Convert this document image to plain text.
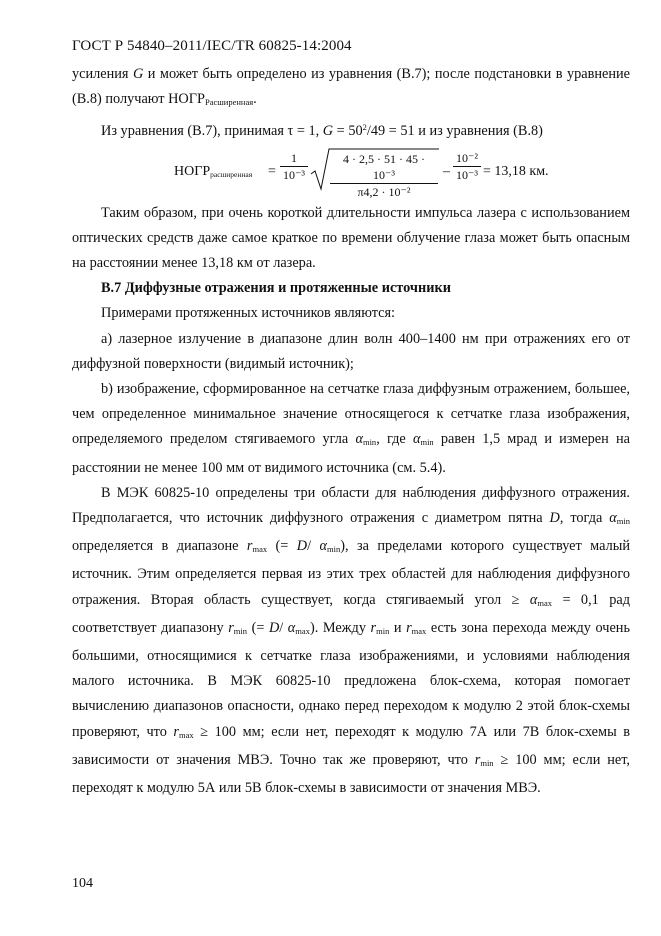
ГОСТ Р 54840–2011/IEC/TR 60825-14:2004

усиления G и может быть определено из уравнения (В.7); после подстановки в уравнение (В.8) получают $НОГР_{Расширенная}$.

Из уравнения (В.7), принимая τ = 1, $G = 50^2/49 = 51$ и из уравнения (В.8)

$НОГР_{расширенная} = \frac{1}{\text{10⁻³}} \frac{\text{4 · 2,5 · 51 · 45 · 10⁻³}}{\text{π4,2 · 10⁻²}} - \frac{\text{10⁻²}}{\text{10⁻³}} = 13,18$ км.

Таким образом, при очень короткой длительности импульса лазера с использованием оптических средств даже самое краткое по времени облучение глаза может быть опасным на расстоянии менее 13,18 км от лазера.

В.7 Диффузные отражения и протяженные источники

Примерами протяженных источников являются:

а) лазерное излучение в диапазоне длин волн 400–1400 нм при отражениях его от диффузной поверхности (видимый источник);

b) изображение, сформированное на сетчатке глаза диффузным отражением, большее, чем определенное минимальное значение относящегося к сетчатке глаза изображения, определяемого пределом стягиваемого угла $\alpha_{min}$, где $\alpha_{min}$ равен 1,5 мрад и измерен на расстоянии не менее 100 мм от видимого источника (см. 5.4).

В МЭК 60825-10 определены три области для наблюдения диффузного отражения. Предполагается, что источник диффузного отражения с диаметром пятна D, тогда $\alpha_{min}$ определяется в диапазоне $r_{max}$ (= D/ $\alpha_{min}$), за пределами которого существует малый источник. Этим определяется первая из этих трех областей для наблюдения диффузного отражения. Вторая область существует, когда стягиваемый угол ≥ $\alpha_{max} = 0,1$ рад соответствует диапазону $r_{min}$ (= D/ $\alpha_{max}$). Между $r_{min}$ и $r_{max}$ есть зона перехода между очень большими, относящимися к сетчатке глаза изображениями, и условиями наблюдения малого источника. В МЭК 60825-10 предложена блок-схема, которая помогает вычислению диапазонов опасности, однако перед переходом к модулю 2 этой блок-схемы проверяют, что $r_{max} \ge 100$ мм; если нет, переходят к модулю 7А или 7В блок-схемы в зависимости от значения МВЭ. Точно так же проверяют, что $r_{min} \ge 100$ мм; если нет, переходят к модулю 5А или 5В блок-схемы в зависимости от значения МВЭ.

104
